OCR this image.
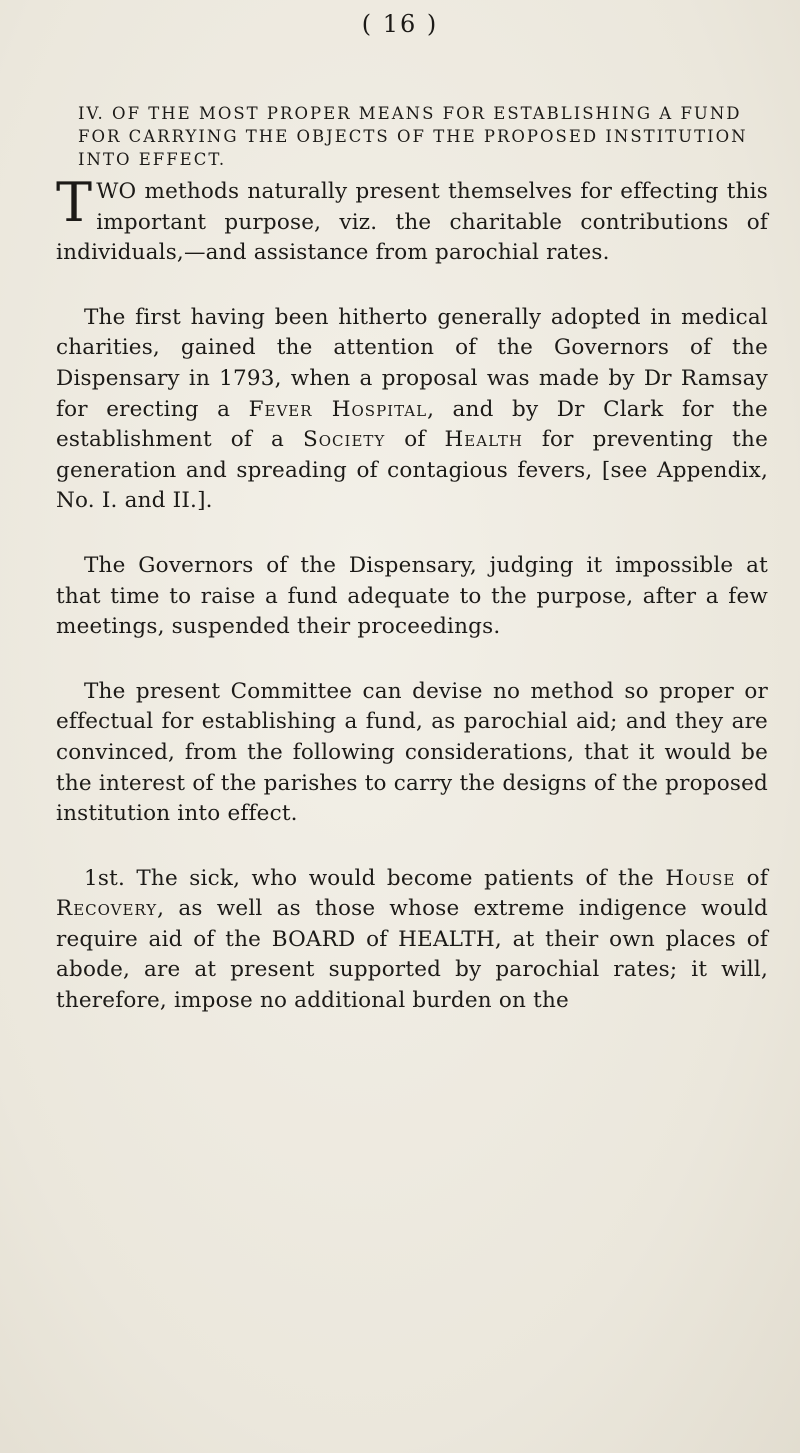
( 16 )
IV. OF THE MOST PROPER MEANS FOR ESTABLISHING A FUND FOR CARRYING THE OBJECTS OF THE PROPOSED INSTITUTION INTO EFFECT.

TWO methods naturally present themselves for effecting this important purpose, viz. the charitable contributions of individuals,—and assistance from parochial rates.

The first having been hitherto generally adopted in medical charities, gained the attention of the Governors of the Dispensary in 1793, when a proposal was made by Dr Ramsay for erecting a Fever Hospital, and by Dr Clark for the establishment of a Society of Health for preventing the generation and spreading of contagious fevers, [see Appendix, No. I. and II.].

The Governors of the Dispensary, judging it impossible at that time to raise a fund adequate to the purpose, after a few meetings, suspended their proceedings.

The present Committee can devise no method so proper or effectual for establishing a fund, as parochial aid; and they are convinced, from the following considerations, that it would be the interest of the parishes to carry the designs of the proposed institution into effect.

1st. The sick, who would become patients of the House of Recovery, as well as those whose extreme indigence would require aid of the BOARD of HEALTH, at their own places of abode, are at present supported by parochial rates; it will, therefore, impose no additional burden on the
